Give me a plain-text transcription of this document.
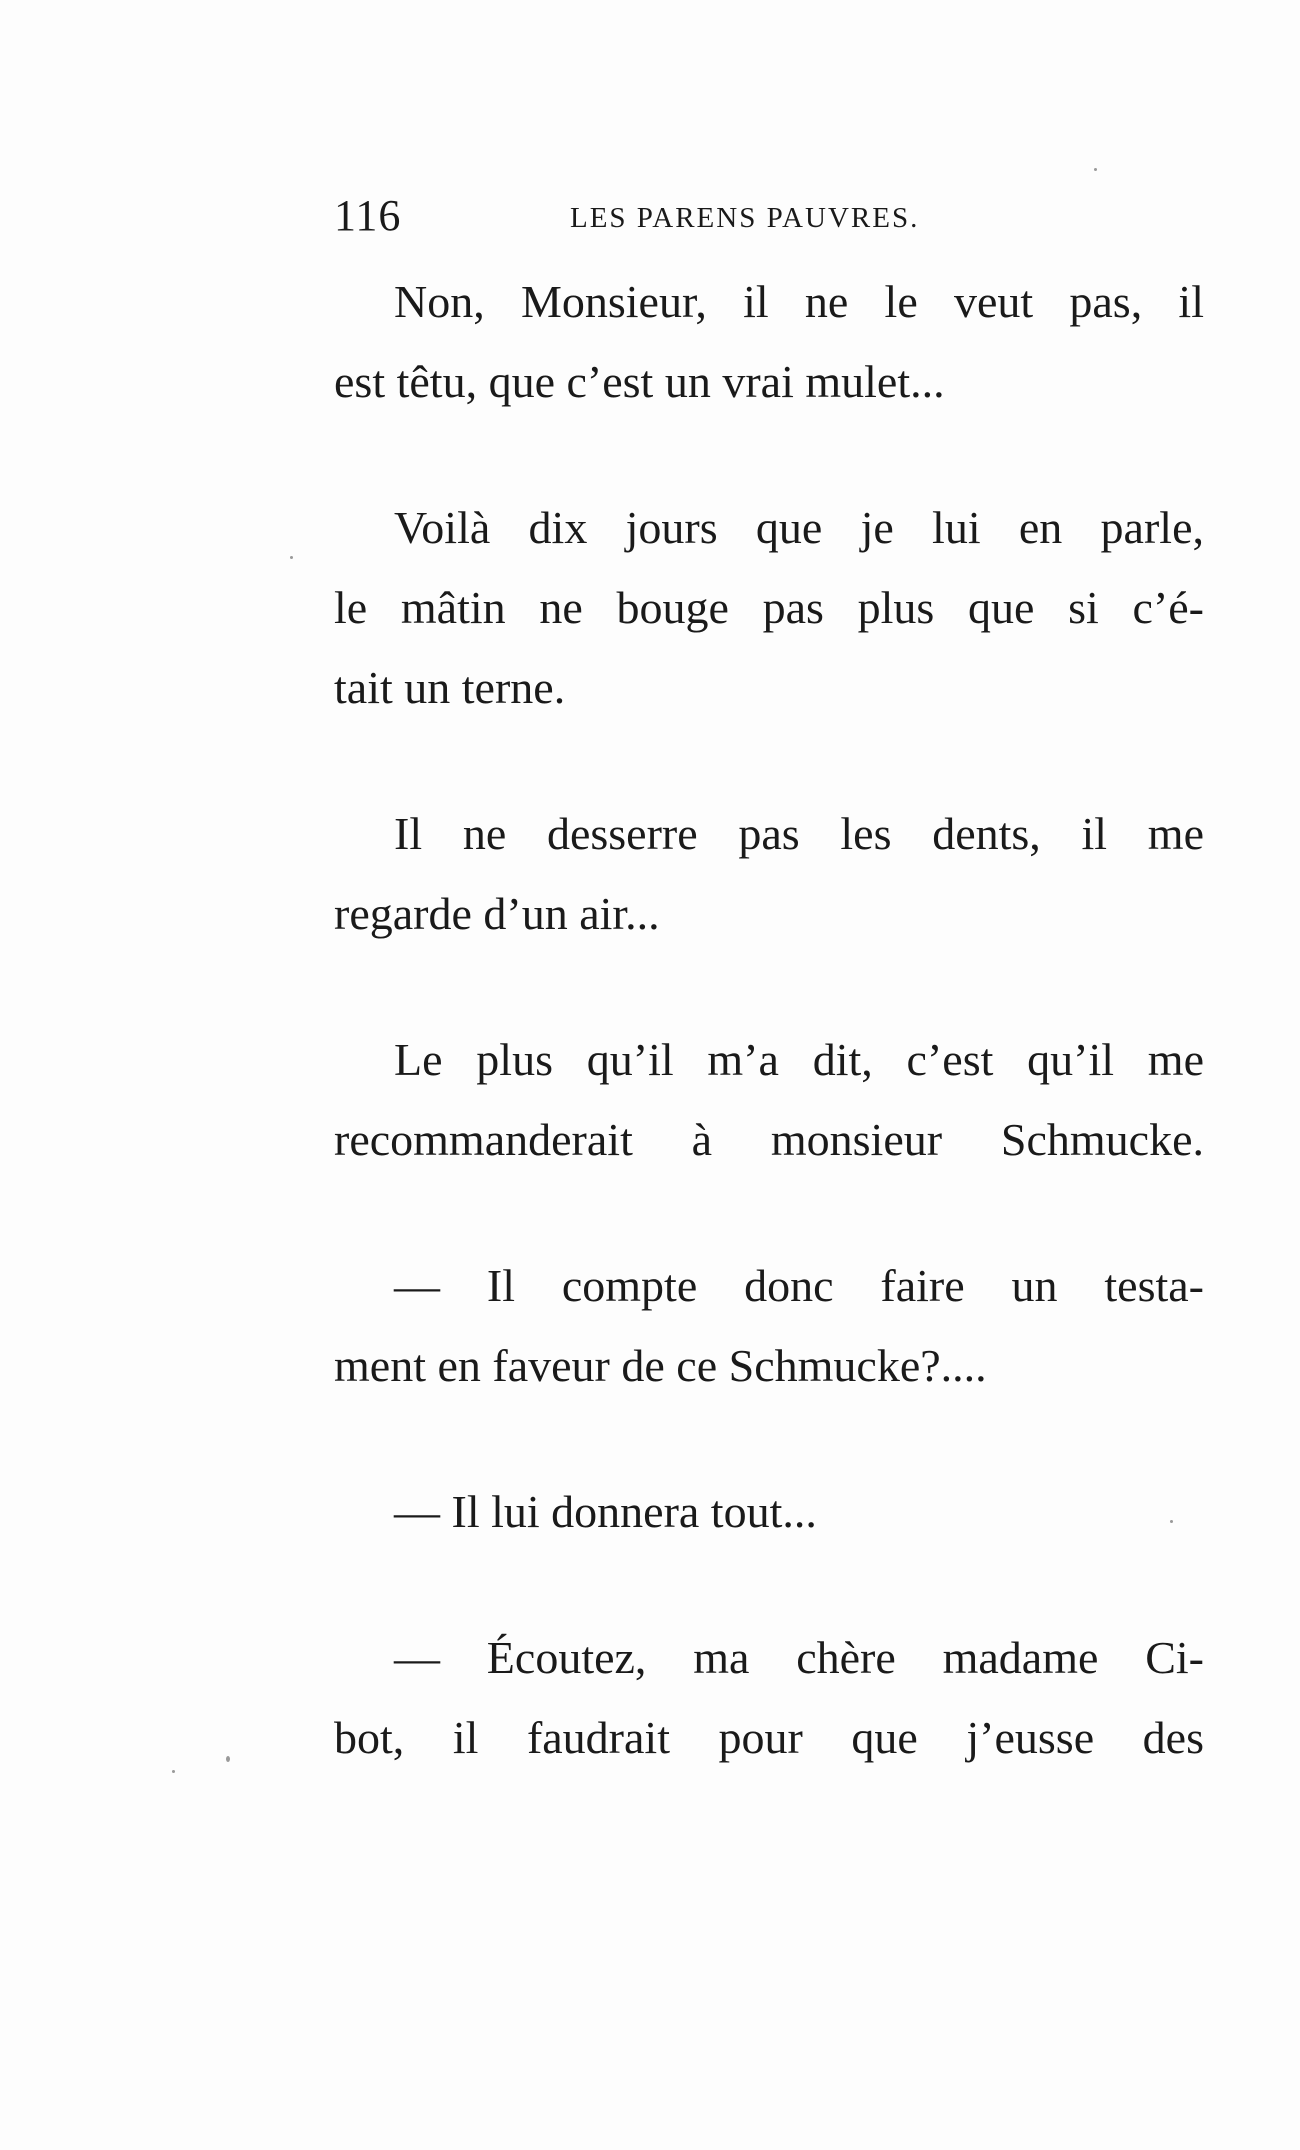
116	LES PARENS PAUVRES.

Non, Monsieur, il ne le veut pas, il
est têtu, que c’est un vrai mulet...

Voilà dix jours que je lui en parle,
le mâtin ne bouge pas plus que si c’é-
tait un terne.

Il ne desserre pas les dents, il me
regarde d’un air...

Le plus qu’il m’a dit, c’est qu’il me
recommanderait à monsieur Schmucke.

— Il compte donc faire un testa-
ment en faveur de ce Schmucke?....

— Il lui donnera tout...

— Écoutez, ma chère madame Ci-
bot, il faudrait pour que j’eusse des
